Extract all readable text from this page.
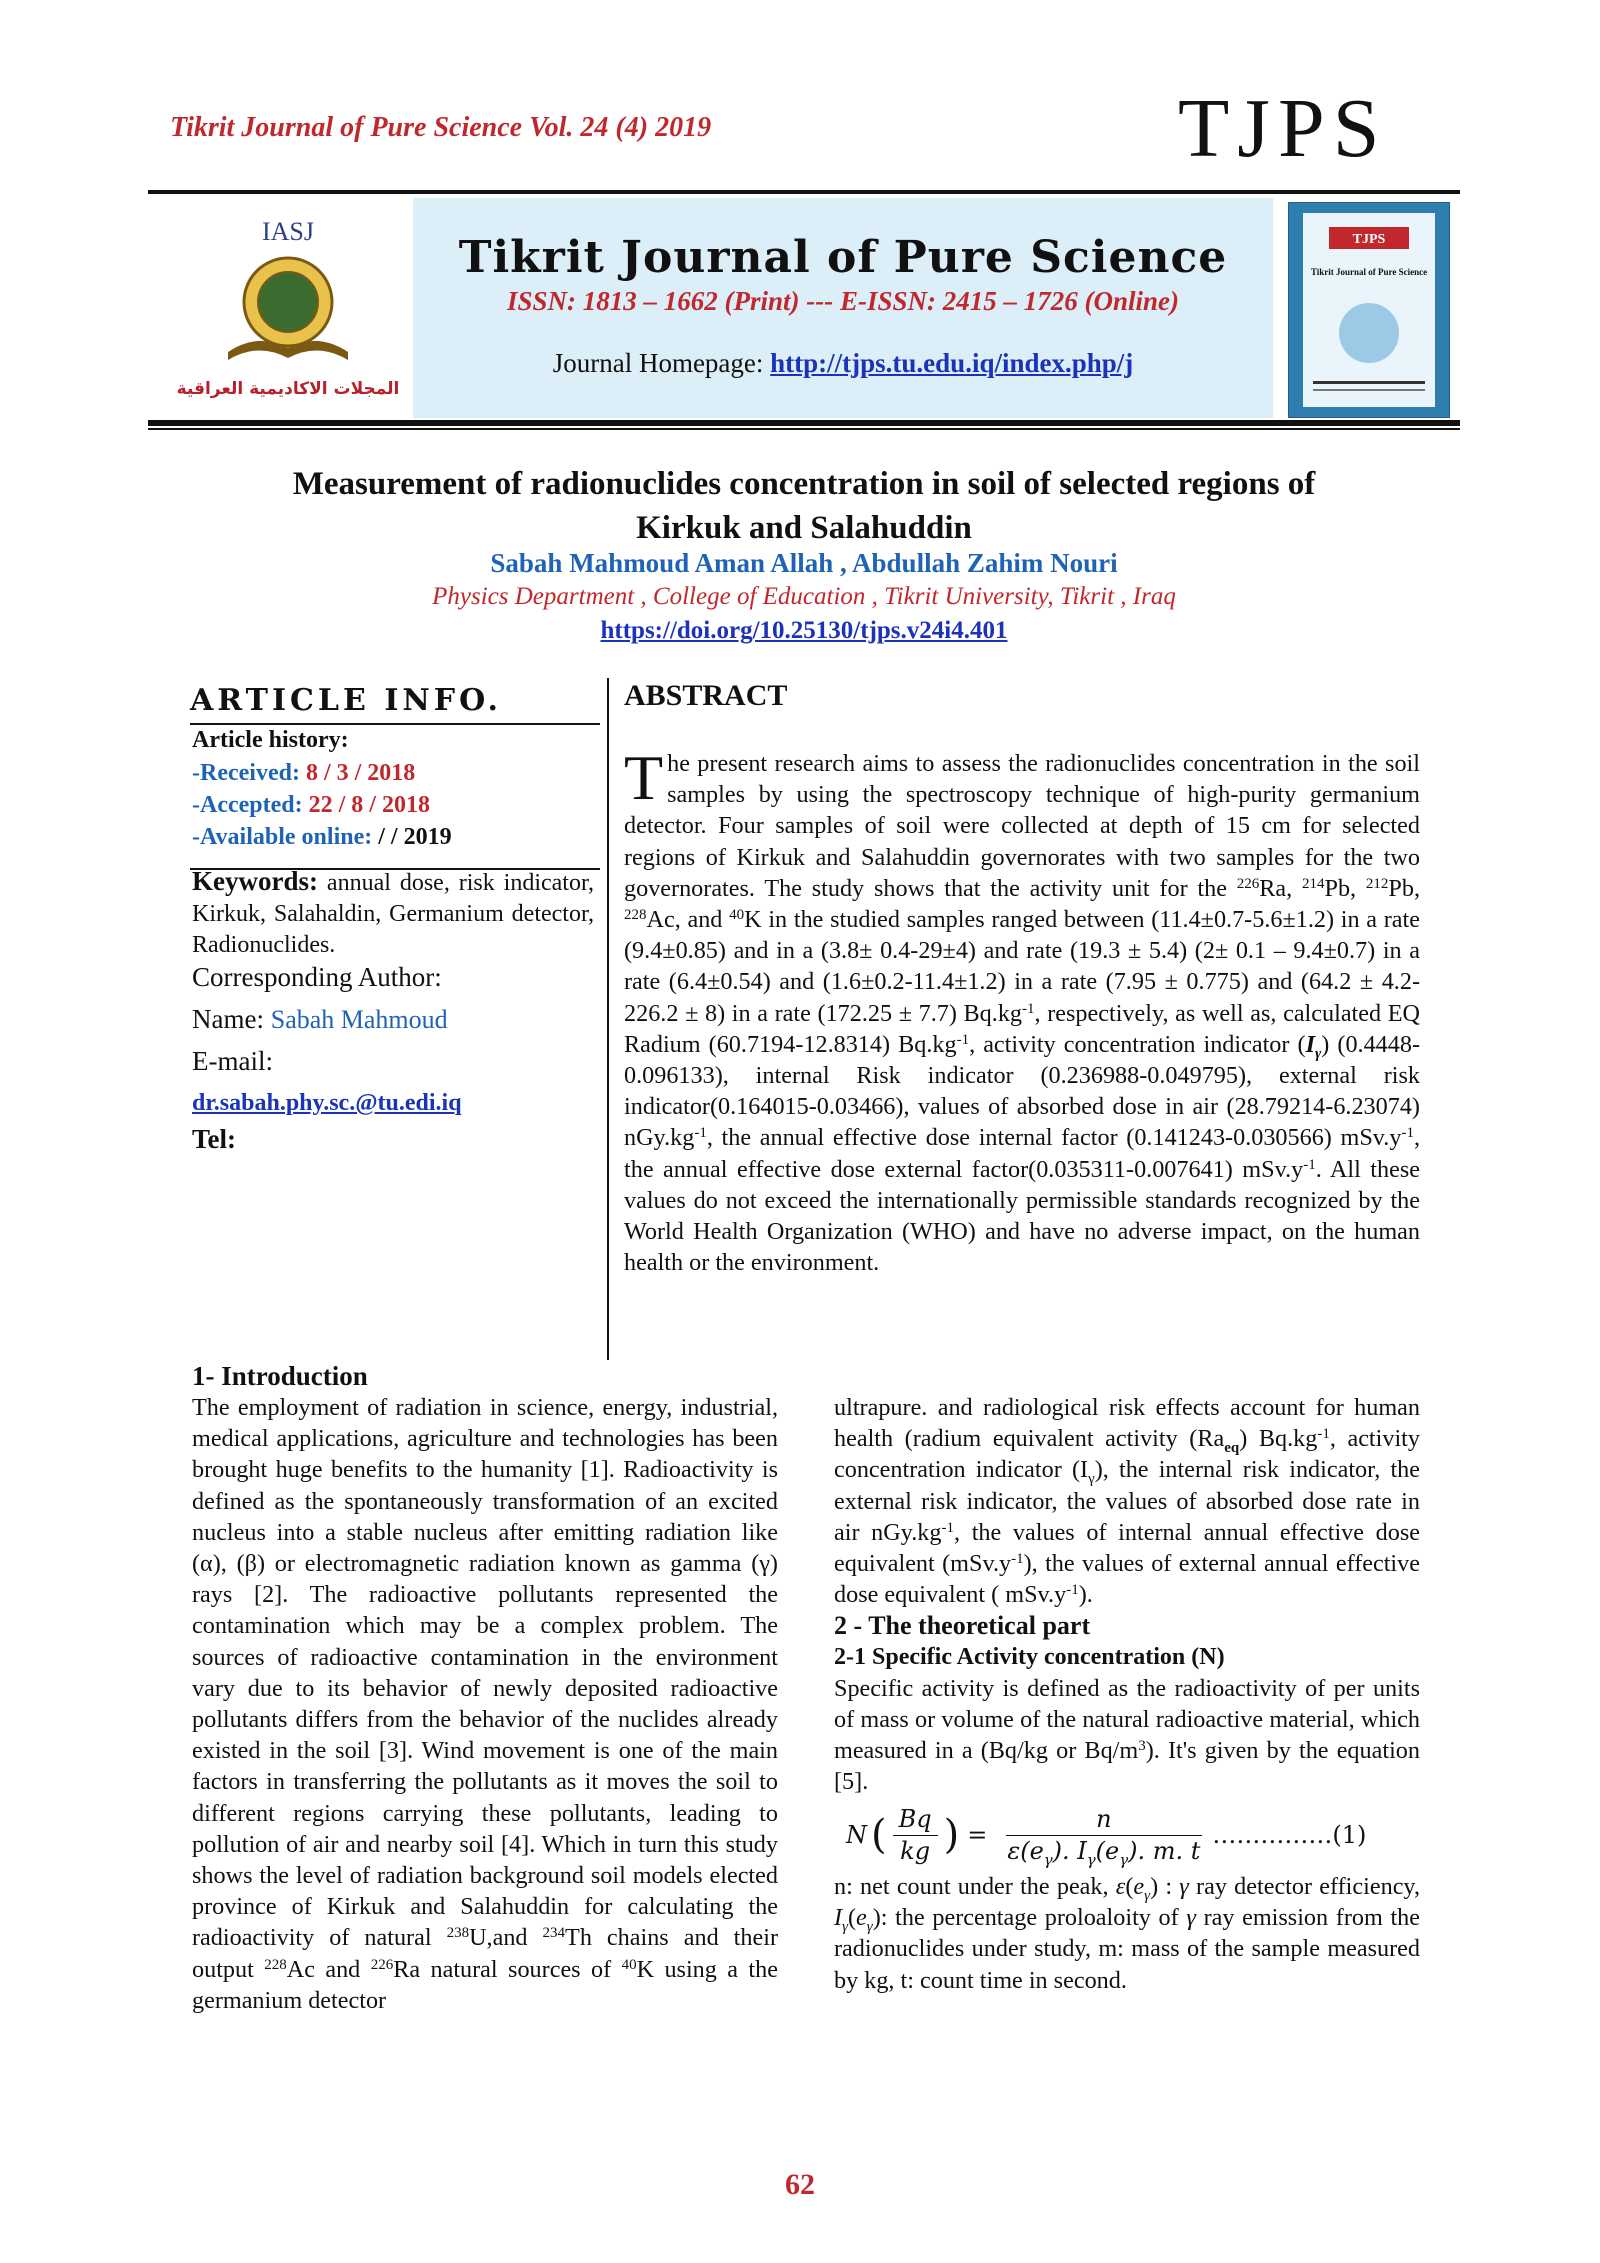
Tikrit Journal of Pure Science Vol. 24 (4) 2019	TJPS
IASJ
المجلات الاكاديمية العراقية
Tikrit Journal of Pure Science
ISSN: 1813 – 1662 (Print) --- E-ISSN: 2415 – 1726 (Online)
Journal Homepage: http://tjps.tu.edu.iq/index.php/j
TJPS
Tikrit Journal of Pure Science
Measurement of radionuclides concentration in soil of selected regions of
Kirkuk and Salahuddin
Sabah Mahmoud Aman Allah , Abdullah Zahim Nouri
Physics Department , College of Education , Tikrit University, Tikrit , Iraq
https://doi.org/10.25130/tjps.v24i4.401
ARTICLE INFO.
Article history:
-Received: 8 / 3 / 2018
-Accepted: 22 / 8 / 2018
-Available online: / / 2019
Keywords: annual dose, risk indicator, Kirkuk, Salahaldin, Germanium detector, Radionuclides.
Corresponding Author:
Name: Sabah Mahmoud
E-mail:
dr.sabah.phy.sc.@tu.edi.iq
Tel:
ABSTRACT
The present research aims to assess the radionuclides concentration in the soil samples by using the spectroscopy technique of high-purity germanium detector. Four samples of soil were collected at depth of 15 cm for selected regions of Kirkuk and Salahuddin governorates with two samples for the two governorates. The study shows that the activity unit for the $^{226}$Ra, $^{214}$Pb, $^{212}$Pb, $^{228}$Ac, and $^{40}$K in the studied samples ranged between (11.4±0.7-5.6±1.2) in a rate (9.4±0.85) and in a (3.8± 0.4-29±4) and rate (19.3 ± 5.4) (2± 0.1 – 9.4±0.7) in a rate (6.4±0.54) and (1.6±0.2-11.4±1.2) in a rate (7.95 ± 0.775) and (64.2 ± 4.2-226.2 ± 8) in a rate (172.25 ± 7.7) $Bq.kg^{-1}$, respectively, as well as, calculated EQ Radium (60.7194-12.8314) $Bq.kg^{-1}$, activity concentration indicator $(I_\gamma)$ (0.4448-0.096133), internal Risk indicator (0.236988-0.049795), external risk indicator(0.164015-0.03466), values of absorbed dose in air (28.79214-6.23074) $nGy.kg^{-1}$, the annual effective dose internal factor (0.141243-0.030566) $mSv.y^{-1}$, the annual effective dose external factor(0.035311-0.007641) $mSv.y^{-1}$. All these values do not exceed the internationally permissible standards recognized by the World Health Organization (WHO) and have no adverse impact, on the human health or the environment.
1- Introduction
The employment of radiation in science, energy, industrial, medical applications, agriculture and technologies has been brought huge benefits to the humanity [1]. Radioactivity is defined as the spontaneously transformation of an excited nucleus into a stable nucleus after emitting radiation like (α), (β) or electromagnetic radiation known as gamma (γ) rays [2]. The radioactive pollutants represented the contamination which may be a complex problem. The sources of radioactive contamination in the environment vary due to its behavior of newly deposited radioactive pollutants differs from the behavior of the nuclides already existed in the soil [3]. Wind movement is one of the main factors in transferring the pollutants as it moves the soil to different regions carrying these pollutants, leading to pollution of air and nearby soil [4]. Which in turn this study shows the level of radiation background soil models elected province of Kirkuk and Salahuddin for calculating the radioactivity of natural $^{238}$U,and $^{234}$Th chains and their output $^{228}$Ac and $^{226}$Ra natural sources of $^{40}$K using a the germanium detector
ultrapure. and radiological risk effects account for human health (radium equivalent activity $(Ra_{eq})$ $Bq.kg^{-1}$, activity concentration indicator $(I_\gamma)$, the internal risk indicator, the external risk indicator, the values of absorbed dose rate in air $nGy.kg^{-1}$, the values of internal annual effective dose equivalent $(mSv.y^{-1})$, the values of external annual effective dose equivalent ( $mSv.y^{-1}$).
2 - The theoretical part
2-1 Specific Activity concentration (N)
Specific activity is defined as the radioactivity of per units of mass or volume of the natural radioactive material, which measured in a (Bq/kg or $Bq/m^3$). It's given by the equation [5].
N ( $\frac{Bq}{kg}$ ) = $\frac{n}{\varepsilon(e_\gamma). I_\gamma(e_\gamma). m. t}$ ……………(1)
n: net count under the peak, $\varepsilon(e_\gamma)$ : γ ray detector efficiency, $I_\gamma(e_\gamma)$: the percentage proloaloity of γ ray emission from the radionuclides under study, m: mass of the sample measured by kg, t: count time in second.
62
